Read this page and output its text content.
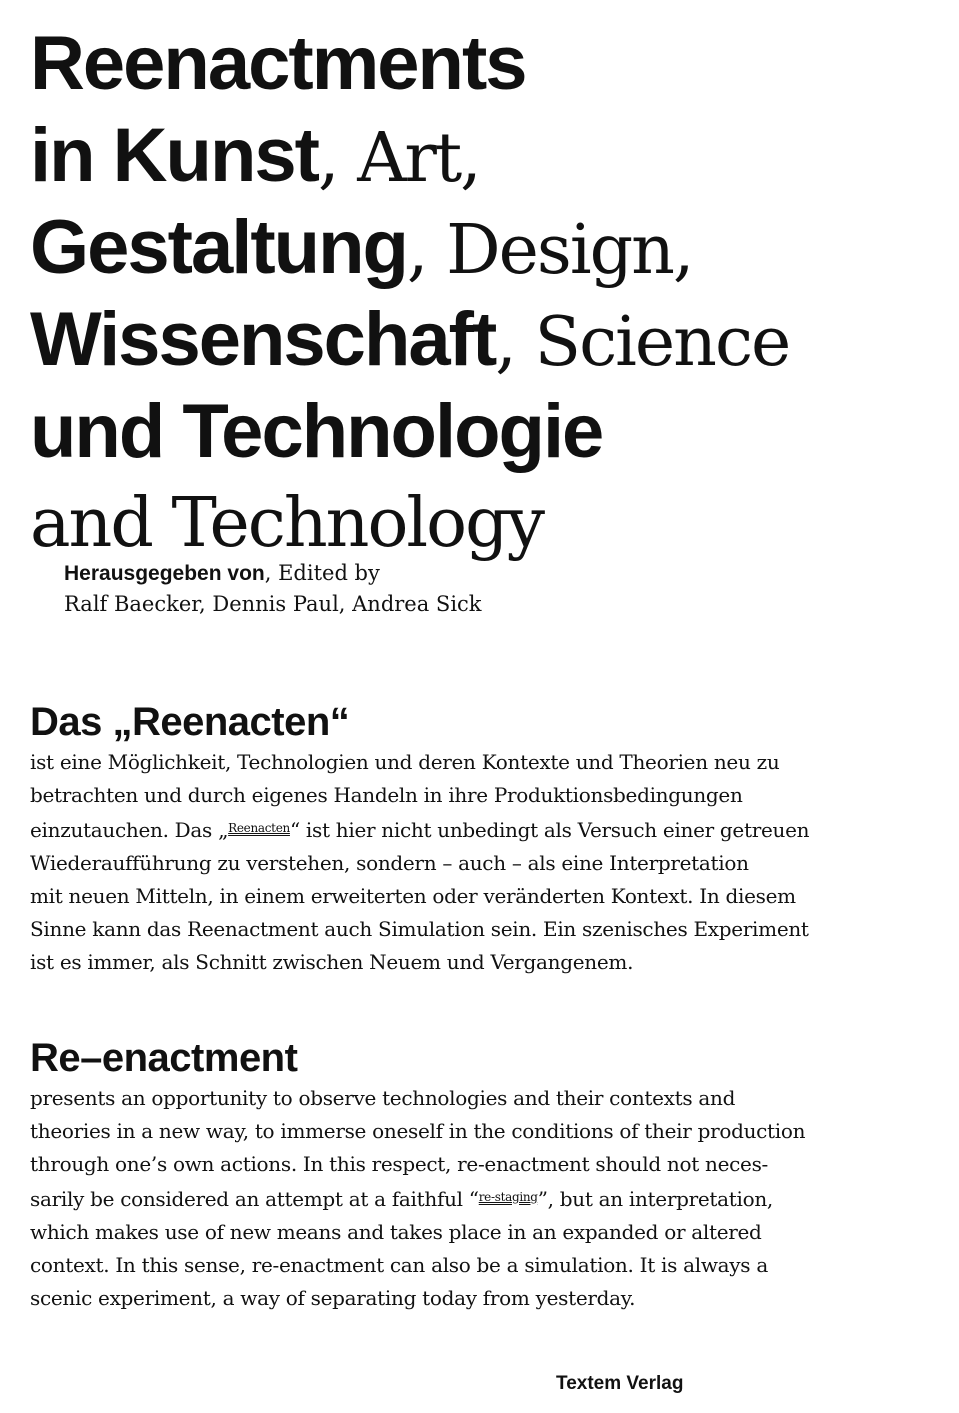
Reenactments
in Kunst, Art,
Gestaltung, Design,
Wissenschaft, Science
und Technologie
and Technology
Herausgegeben von, Edited by
Ralf Baecker, Dennis Paul, Andrea Sick
Das „Reenacten“

ist eine Möglichkeit, Technologien und deren Kontexte und Theorien neu zu
betrachten und durch eigenes Handeln in ihre Produktionsbedingungen
einzutauchen. Das „$^{Reenacten}$“ ist hier nicht unbedingt als Versuch einer getreuen
Wiederaufführung zu verstehen, sondern – auch – als eine Interpretation
mit neuen Mitteln, in einem erweiterten oder veränderten Kontext. In diesem
Sinne kann das Reenactment auch Simulation sein. Ein szenisches Experiment
ist es immer, als Schnitt zwischen Neuem und Vergangenem.

Re–enactment

presents an opportunity to observe technologies and their contexts and
theories in a new way, to immerse oneself in the conditions of their production
through one’s own actions. In this respect, re-enactment should not neces-
sarily be considered an attempt at a faithful “$^{re-staging}$”, but an interpretation,
which makes use of new means and takes place in an expanded or altered
context. In this sense, re-enactment can also be a simulation. It is always a
scenic experiment, a way of separating today from yesterday.

Textem Verlag
